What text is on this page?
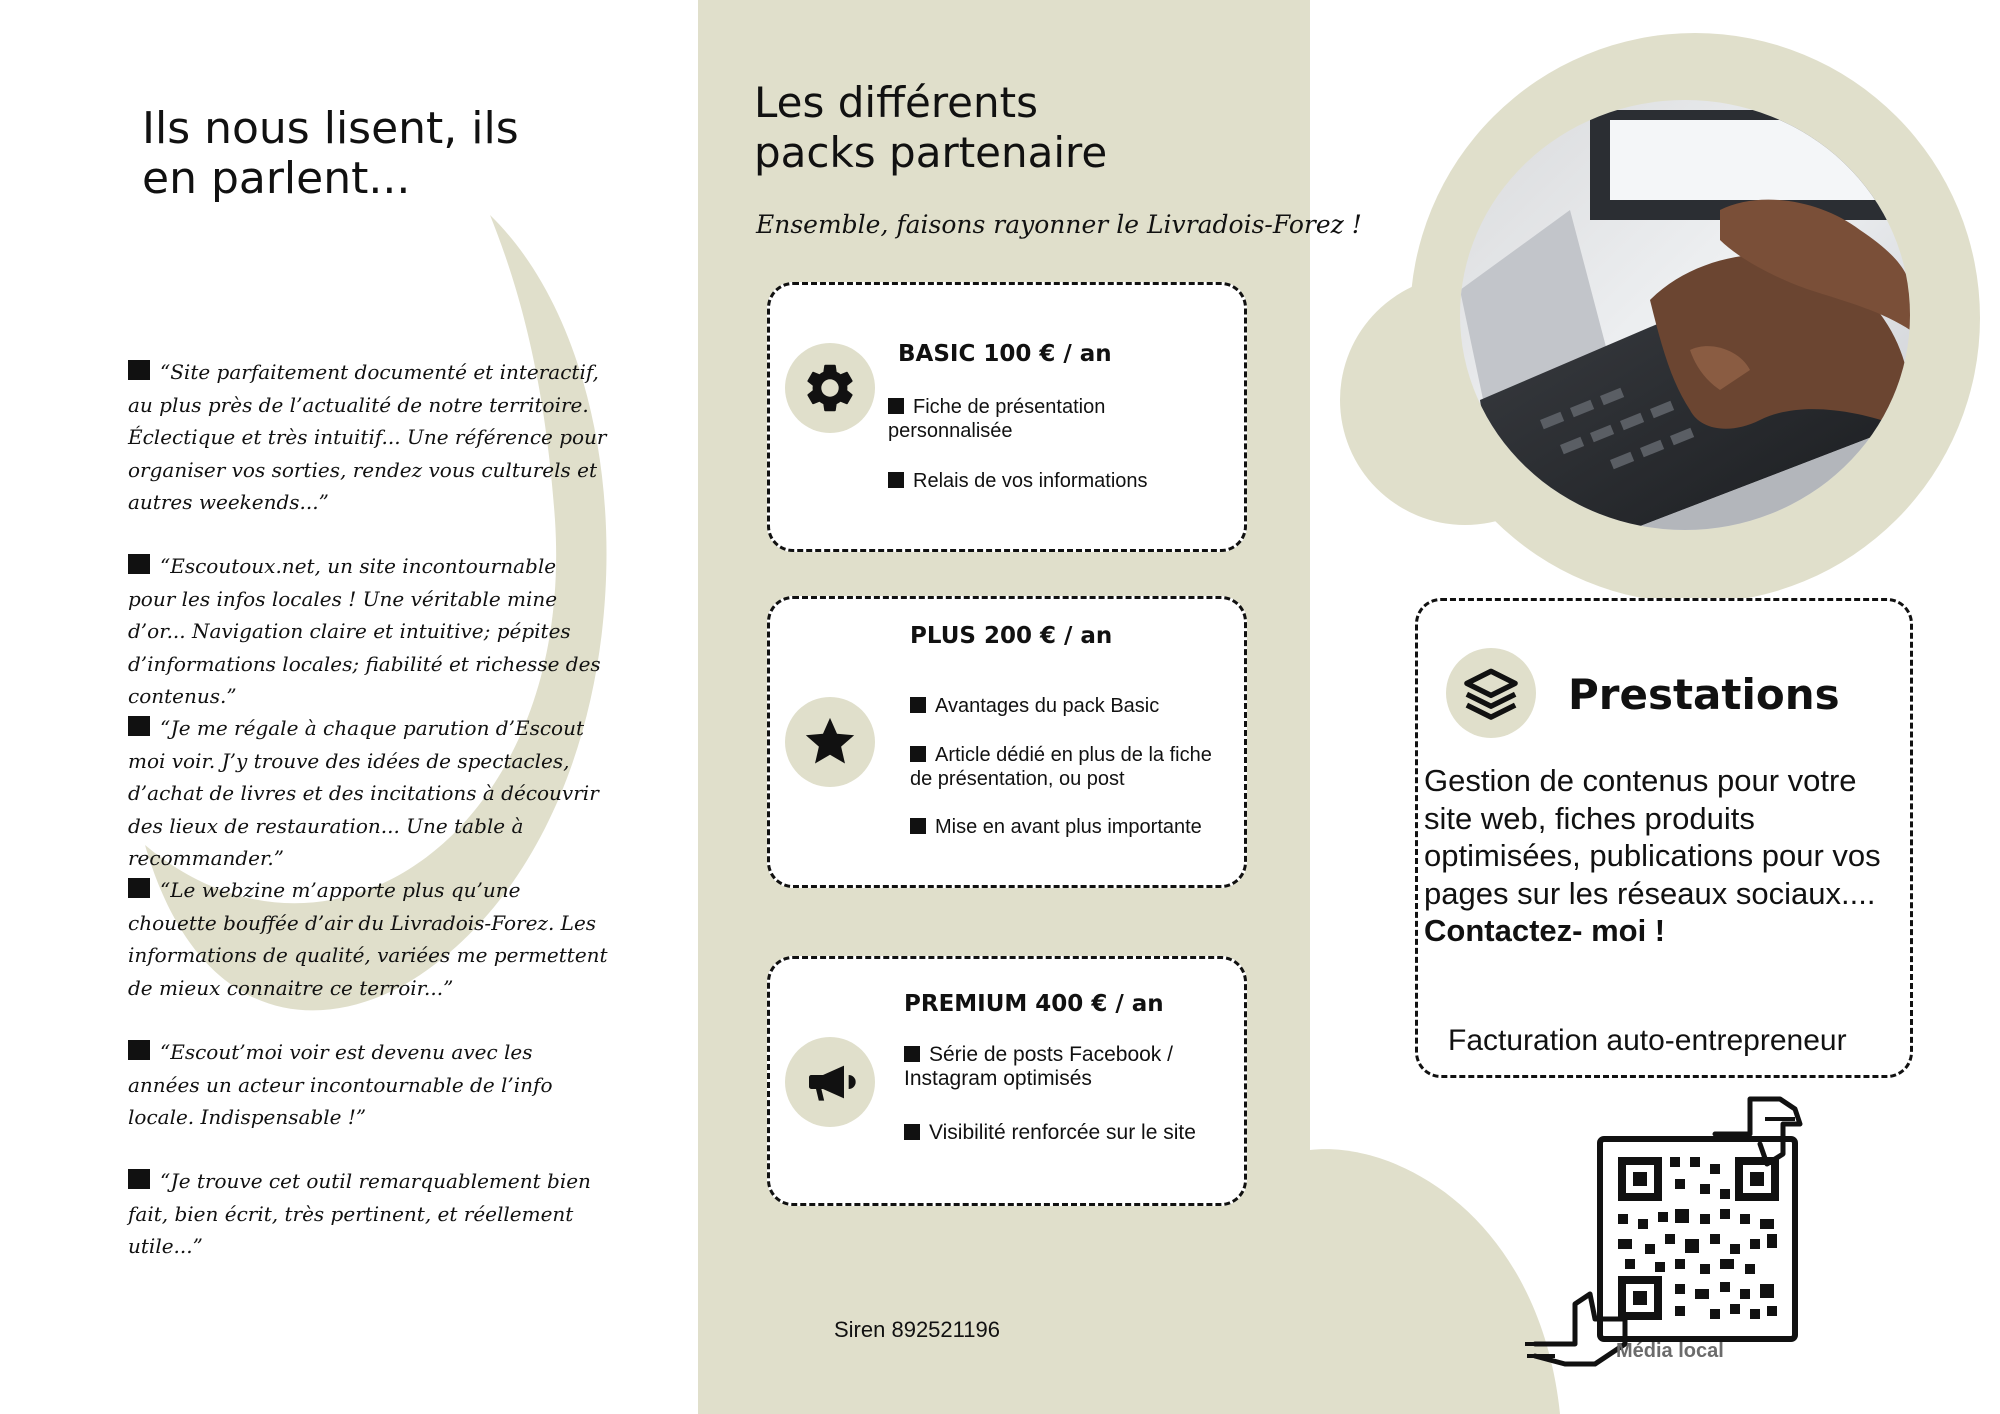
Ils nous lisent, ils
en parlent...
“Site parfaitement documenté et interactif, au plus près de l’actualité de notre territoire. Éclectique et très intuitif... Une référence pour organiser vos sorties, rendez vous culturels et autres weekends...”
“Escoutoux.net, un site incontournable pour les infos locales ! Une véritable mine d’or... Navigation claire et intuitive; pépites d’informations locales; fiabilité et richesse des contenus.”
“Je me régale à chaque parution d’Escout moi voir. J’y trouve des idées de spectacles, d’achat de livres et des incitations à découvrir des lieux de restauration... Une table à recommander.”
“Le webzine m’apporte plus qu’une chouette bouffée d’air du Livradois-Forez. Les informations de qualité, variées me permettent de mieux connaitre ce terroir...”
“Escout’moi voir est devenu avec les années un acteur incontournable de l’info locale. Indispensable !”
“Je trouve cet outil remarquablement bien fait, bien écrit, très pertinent, et réellement utile...”
Les différents
packs partenaire
Ensemble, faisons rayonner le Livradois-Forez !
BASIC 100 € / an
Fiche de présentation personnalisée
Relais de vos informations
PLUS 200 € / an
Avantages du pack Basic
Article dédié en plus de la fiche de présentation, ou post
Mise en avant plus importante
PREMIUM 400 € / an
Série de posts Facebook / Instagram optimisés
Visibilité renforcée sur le site
Siren 892521196
Prestations
Gestion de contenus pour votre site web, fiches produits optimisées, publications pour vos pages sur les réseaux sociaux....
Contactez- moi !
Facturation auto-entrepreneur
Média local
